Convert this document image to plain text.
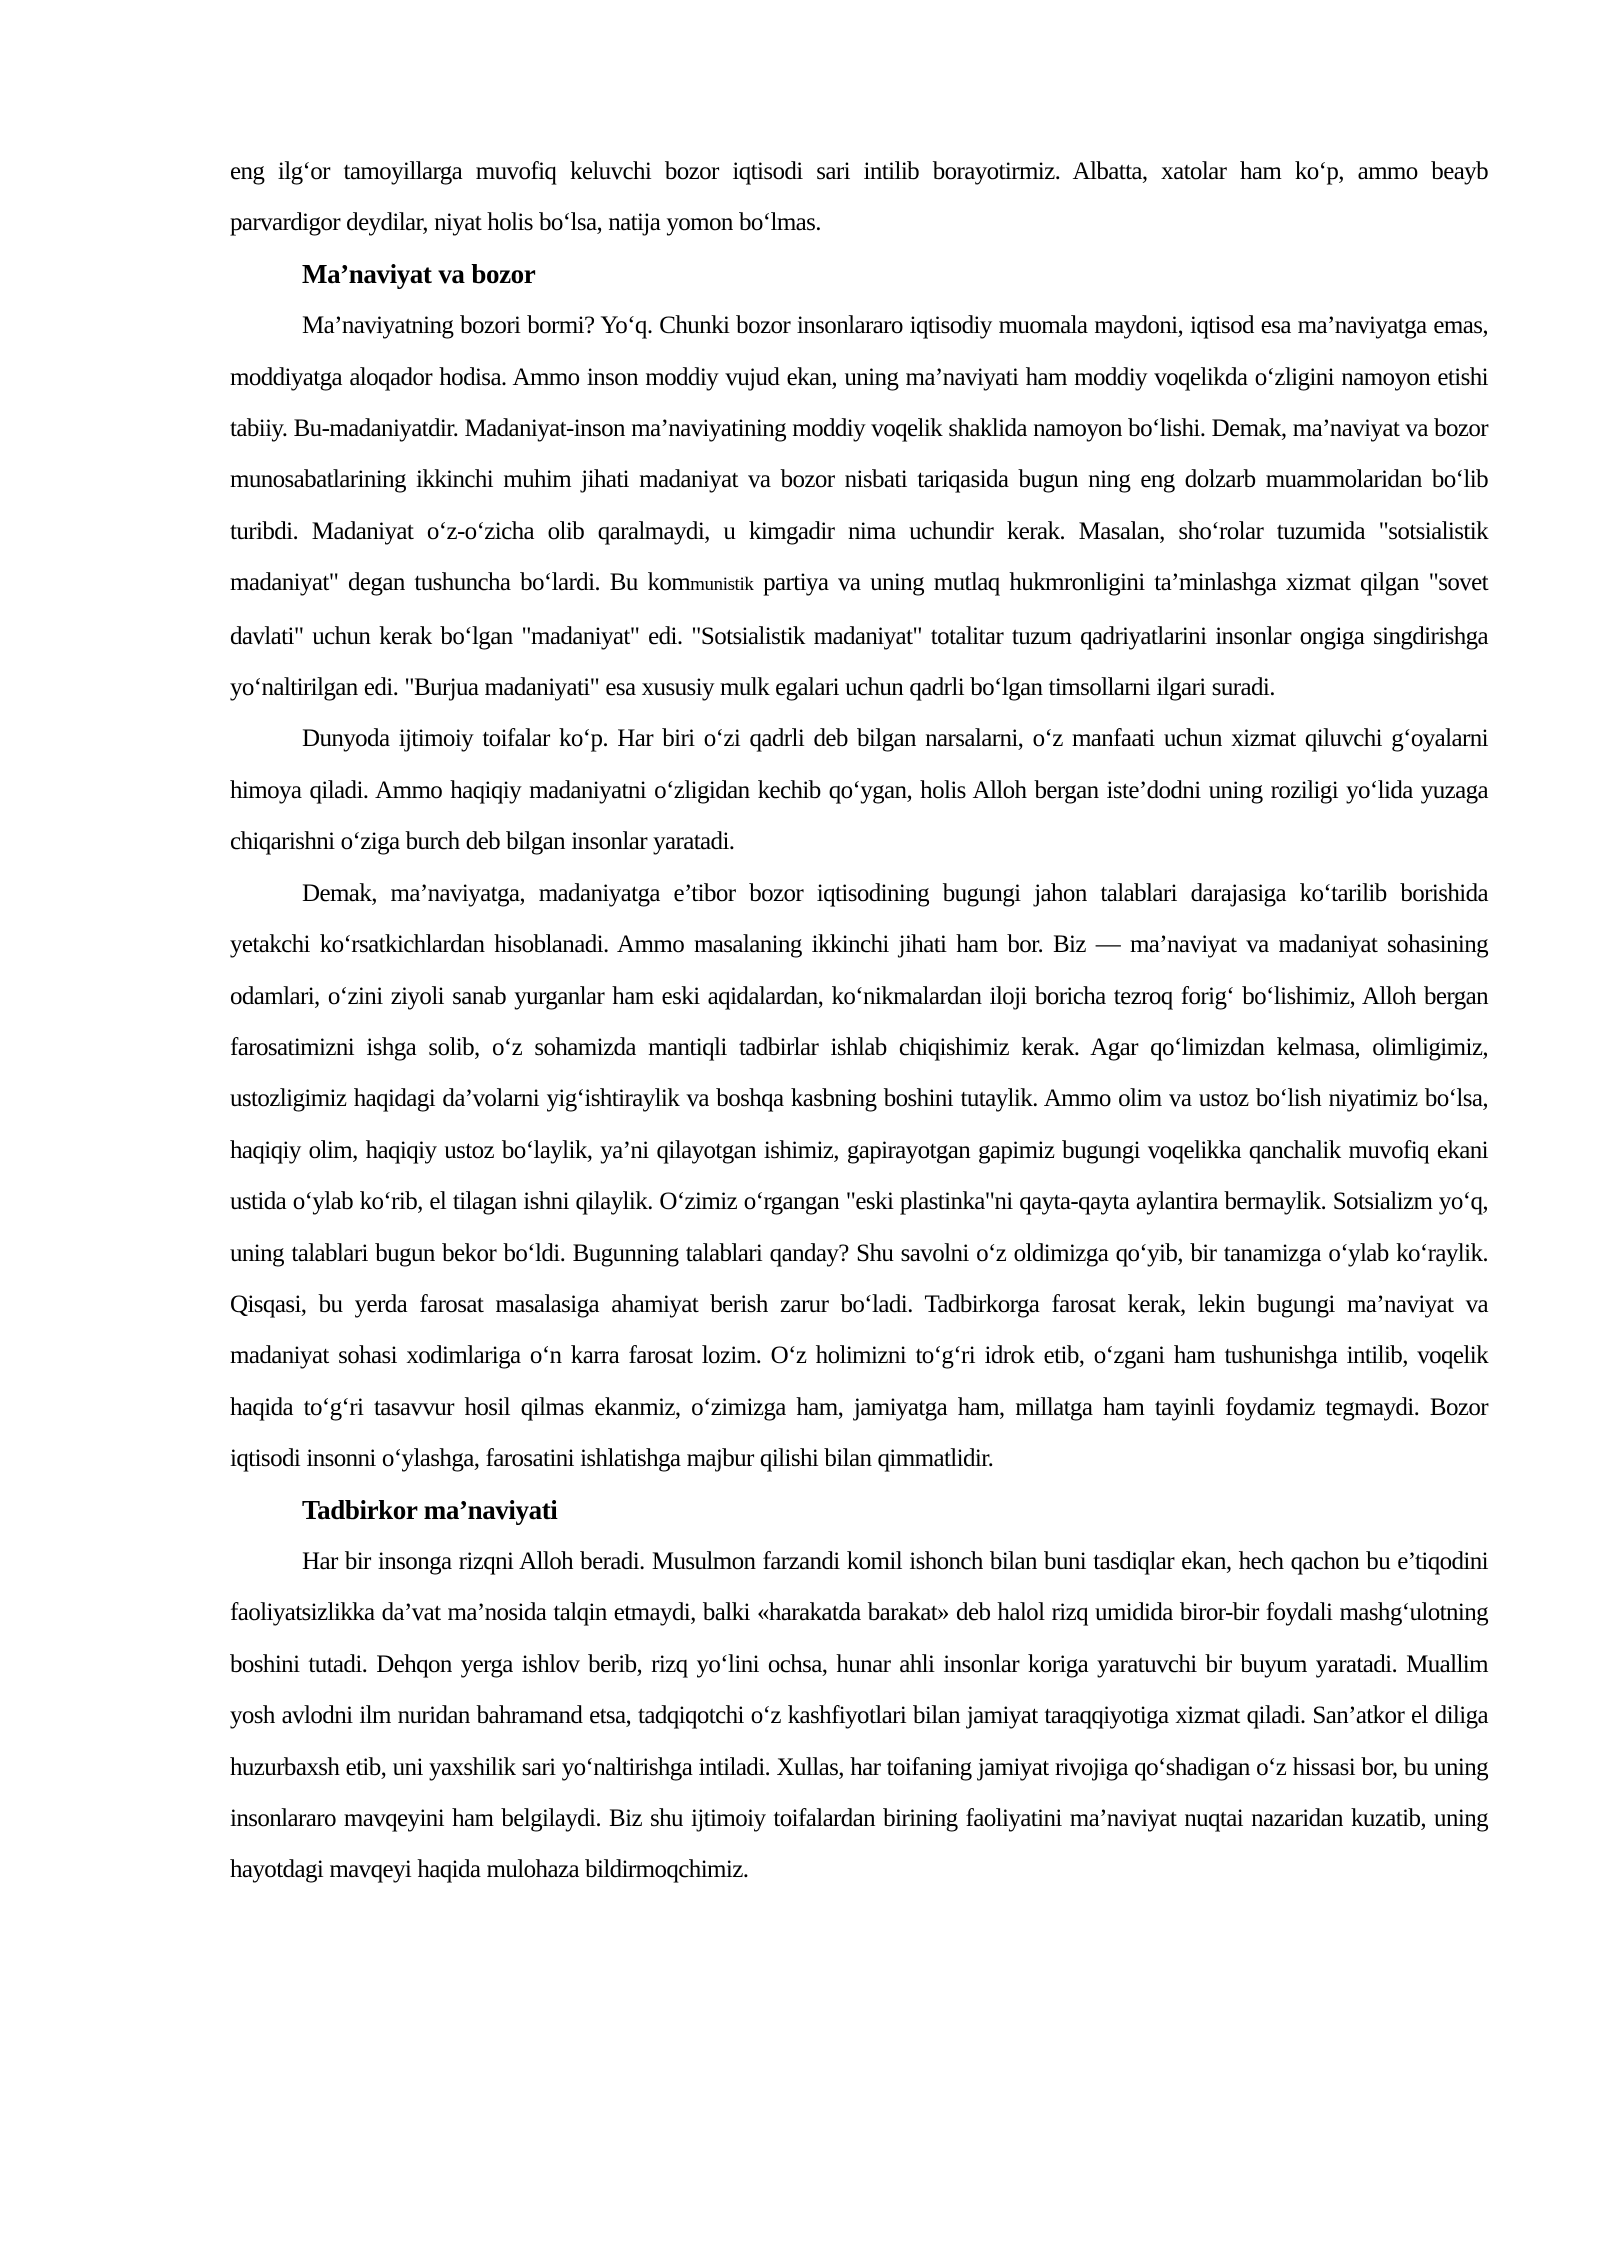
eng ilg‘or tamoyillarga muvofiq keluvchi bozor iqtisodi sari intilib borayotirmiz. Albatta, xatolar ham ko‘p, ammo beayb parvardigor deydilar, niyat holis bo‘lsa, natija yomon bo‘lmas.

Ma’naviyat va bozor

Ma’naviyatning bozori bormi? Yo‘q. Chunki bozor insonlararo iqtisodiy muomala maydoni, iqtisod esa ma’naviyatga emas, moddiyatga aloqador hodisa. Ammo inson moddiy vujud ekan, uning ma’naviyati ham moddiy voqelikda o‘zligini namoyon etishi tabiiy. Bu-madaniyatdir. Madaniyat-inson ma’naviyatining moddiy voqelik shaklida namoyon bo‘lishi. Demak, ma’naviyat va bozor munosabatlarining ikkinchi muhim jihati madaniyat va bozor nisbati tariqasida bugun ning eng dolzarb muammolaridan bo‘lib turibdi. Madaniyat o‘z-o‘zicha olib qaralmaydi, u kimgadir nima uchundir kerak. Masalan, sho‘rolar tuzumida "sotsialistik madaniyat" degan tushuncha bo‘lardi. Bu kommunistik partiya va uning mutlaq hukmronligini ta’minlashga xizmat qilgan "sovet davlati" uchun kerak bo‘lgan "madaniyat" edi. "Sotsialistik madaniyat" totalitar tuzum qadriyatlarini insonlar ongiga singdirishga yo‘naltirilgan edi. "Burjua madaniyati" esa xususiy mulk egalari uchun qadrli bo‘lgan timsollarni ilgari suradi.

Dunyoda ijtimoiy toifalar ko‘p. Har biri o‘zi qadrli deb bilgan narsalarni, o‘z manfaati uchun xizmat qiluvchi g‘oyalarni himoya qiladi. Ammo haqiqiy madaniyatni o‘zligidan kechib qo‘ygan, holis Alloh bergan iste’dodni uning roziligi yo‘lida yuzaga chiqarishni o‘ziga burch deb bilgan insonlar yaratadi.

Demak, ma’naviyatga, madaniyatga e’tibor bozor iqtisodining bugungi jahon talablari darajasiga ko‘tarilib borishida yetakchi ko‘rsatkichlardan hisoblanadi. Ammo masalaning ikkinchi jihati ham bor. Biz — ma’naviyat va madaniyat sohasining odamlari, o‘zini ziyoli sanab yurganlar ham eski aqidalardan, ko‘nikmalardan iloji boricha tezroq forig‘ bo‘lishimiz, Alloh bergan farosatimizni ishga solib, o‘z sohamizda mantiqli tadbirlar ishlab chiqishimiz kerak. Agar qo‘limizdan kelmasa, olimligimiz, ustozligimiz haqidagi da’volarni yig‘ishtiraylik va boshqa kasbning boshini tutaylik. Ammo olim va ustoz bo‘lish niyatimiz bo‘lsa, haqiqiy olim, haqiqiy ustoz bo‘laylik, ya’ni qilayotgan ishimiz, gapirayotgan gapimiz bugungi voqelikka qanchalik muvofiq ekani ustida o‘ylab ko‘rib, el tilagan ishni qilaylik. O‘zimiz o‘rgangan "eski plastinka"ni qayta-qayta aylantira bermaylik. Sotsializm yo‘q, uning talablari bugun bekor bo‘ldi. Bugunning talablari qanday? Shu savolni o‘z oldimizga qo‘yib, bir tanamizga o‘ylab ko‘raylik. Qisqasi, bu yerda farosat masalasiga ahamiyat berish zarur bo‘ladi. Tadbirkorga farosat kerak, lekin bugungi ma’naviyat va madaniyat sohasi xodimlariga o‘n karra farosat lozim. O‘z holimizni to‘g‘ri idrok etib, o‘zgani ham tushunishga intilib, voqelik haqida to‘g‘ri tasavvur hosil qilmas ekanmiz, o‘zimizga ham, jamiyatga ham, millatga ham tayinli foydamiz tegmaydi. Bozor iqtisodi insonni o‘ylashga, farosatini ishlatishga majbur qilishi bilan qimmatlidir.

Tadbirkor ma’naviyati

Har bir insonga rizqni Alloh beradi. Musulmon farzandi komil ishonch bilan buni tasdiqlar ekan, hech qachon bu e’tiqodini faoliyatsizlikka da’vat ma’nosida talqin etmaydi, balki «harakatda barakat» deb halol rizq umidida biror-bir foydali mashg‘ulotning boshini tutadi. Dehqon yerga ishlov berib, rizq yo‘lini ochsa, hunar ahli insonlar koriga yaratuvchi bir buyum yaratadi. Muallim yosh avlodni ilm nuridan bahramand etsa, tadqiqotchi o‘z kashfiyotlari bilan jamiyat taraqqiyotiga xizmat qiladi. San’atkor el diliga huzurbaxsh etib, uni yaxshilik sari yo‘naltirishga intiladi. Xullas, har toifaning jamiyat rivojiga qo‘shadigan o‘z hissasi bor, bu uning insonlararo mavqeyini ham belgilaydi. Biz shu ijtimoiy toifalardan birining faoliyatini ma’naviyat nuqtai nazaridan kuzatib, uning hayotdagi mavqeyi haqida mulohaza bildirmoqchimiz.
